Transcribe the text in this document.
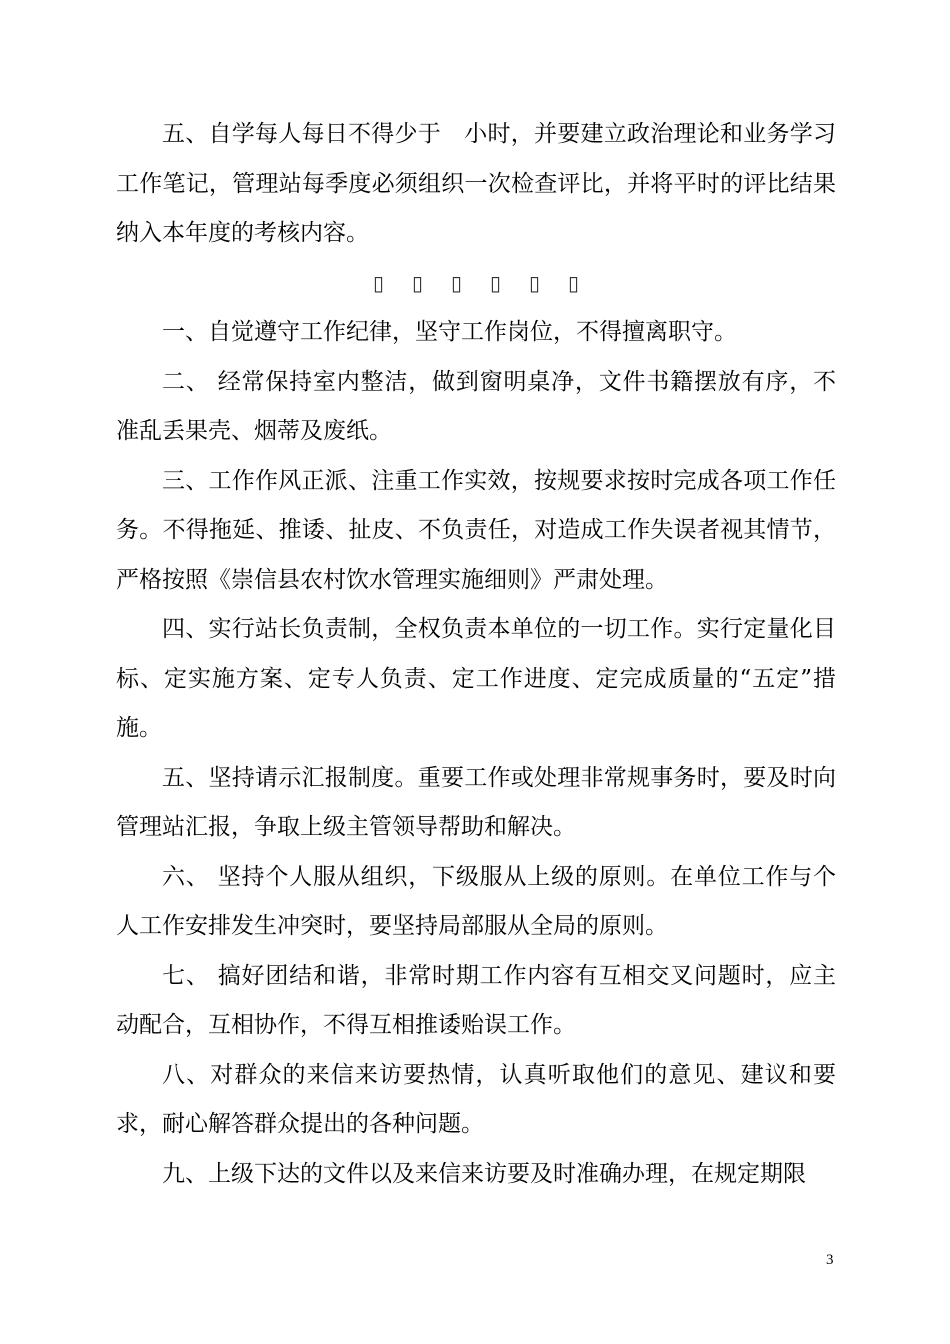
五、自学每人每日不得少于　小时，并要建立政治理论和业务学习工作笔记，管理站每季度必须组织一次检查评比，并将平时的评比结果纳入本年度的考核内容。

▯▯▯▯▯▯

一、自觉遵守工作纪律，坚守工作岗位，不得擅离职守。

二、 经常保持室内整洁，做到窗明桌净，文件书籍摆放有序，不准乱丢果壳、烟蒂及废纸。

三、工作作风正派、注重工作实效，按规要求按时完成各项工作任务。不得拖延、推诿、扯皮、不负责任，对造成工作失误者视其情节，严格按照《崇信县农村饮水管理实施细则》严肃处理。

四、实行站长负责制，全权负责本单位的一切工作。实行定量化目标、定实施方案、定专人负责、定工作进度、定完成质量的“五定”措施。

五、坚持请示汇报制度。重要工作或处理非常规事务时，要及时向管理站汇报，争取上级主管领导帮助和解决。

六、 坚持个人服从组织，下级服从上级的原则。在单位工作与个人工作安排发生冲突时，要坚持局部服从全局的原则。

七、 搞好团结和谐，非常时期工作内容有互相交叉问题时，应主动配合，互相协作，不得互相推诿贻误工作。

八、对群众的来信来访要热情，认真听取他们的意见、建议和要求，耐心解答群众提出的各种问题。

九、上级下达的文件以及来信来访要及时准确办理，在规定期限

3
